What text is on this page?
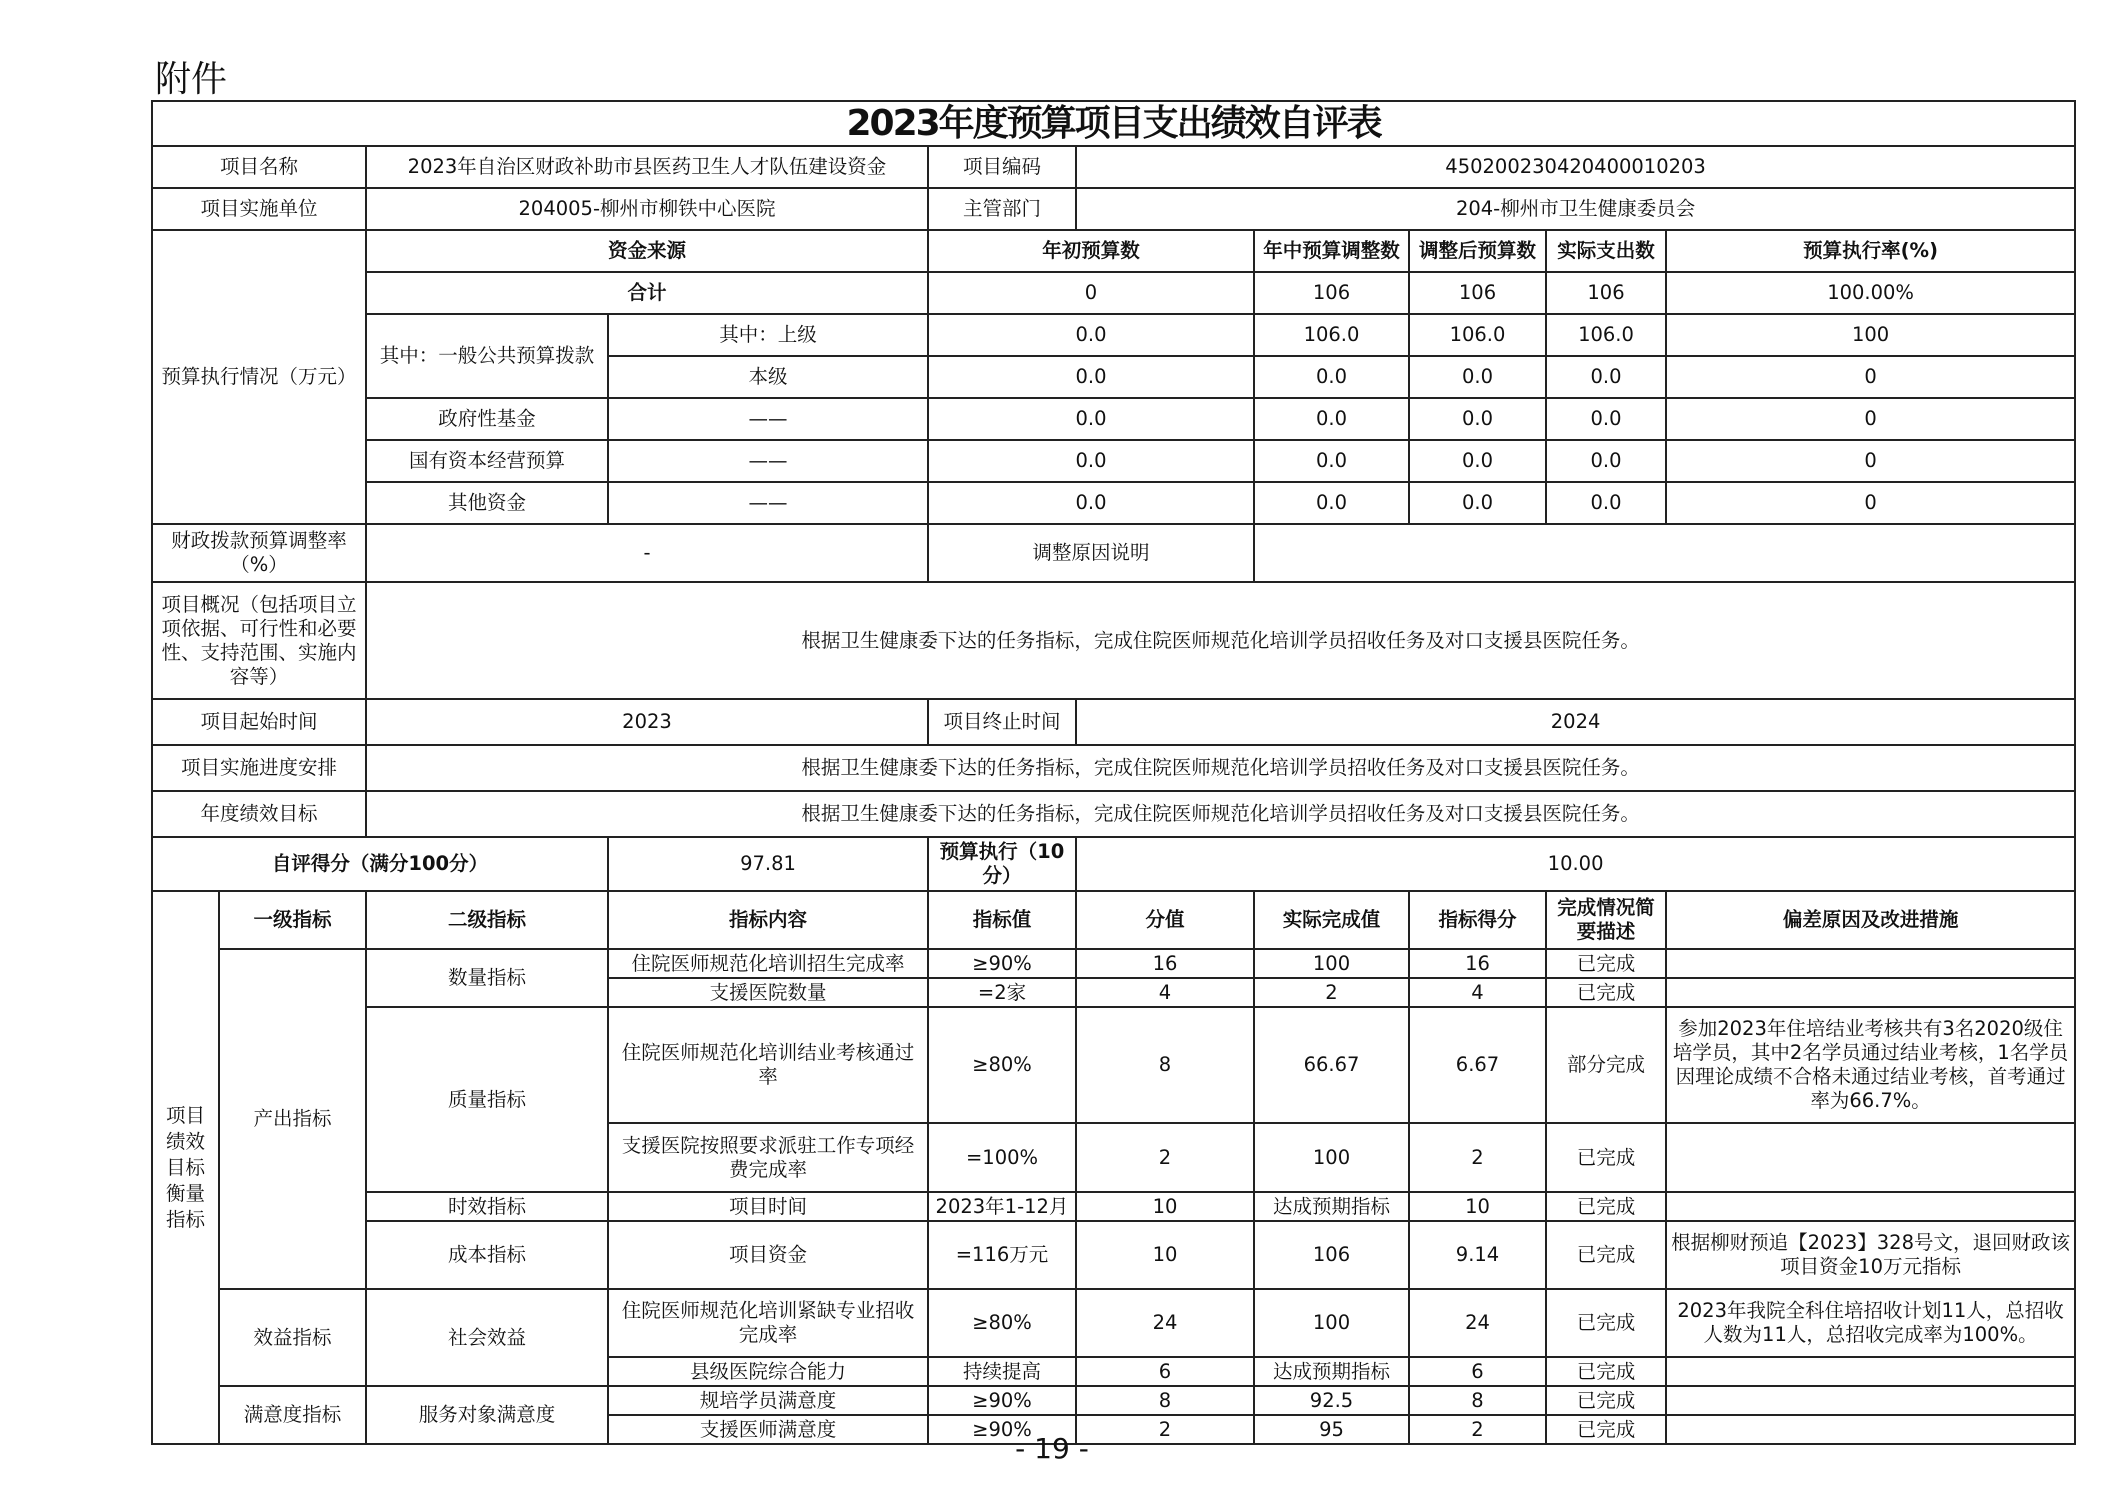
附件
2023年度预算项目支出绩效自评表									
项目名称		2023年自治区财政补助市县医药卫生人才队伍建设资金		项目编码	450200230420400010203				
项目实施单位		204005-柳州市柳铁中心医院		主管部门	204-柳州市卫生健康委员会				
预算执行情况（万元）		资金来源		年初预算数		年中预算调整数	调整后预算数	实际支出数	预算执行率(%)
		合计		0		106	106	106	100.00%
		其中：一般公共预算拨款	其中：上级	0.0		106.0	106.0	106.0	100
			本级	0.0		0.0	0.0	0.0	0
		政府性基金	——	0.0		0.0	0.0	0.0	0
		国有资本经营预算	——	0.0		0.0	0.0	0.0	0
		其他资金	——	0.0		0.0	0.0	0.0	0
财政拨款预算调整率（%）		-		调整原因说明					
项目概况（包括项目立项依据、可行性和必要性、支持范围、实施内容等）		根据卫生健康委下达的任务指标，完成住院医师规范化培训学员招收任务及对口支援县医院任务。							
项目起始时间		2023		项目终止时间	2024				
项目实施进度安排		根据卫生健康委下达的任务指标，完成住院医师规范化培训学员招收任务及对口支援县医院任务。							
年度绩效目标		根据卫生健康委下达的任务指标，完成住院医师规范化培训学员招收任务及对口支援县医院任务。							
自评得分（满分100分）			97.81	预算执行（10分）	10.00				
项目绩效目标衡量指标	一级指标	二级指标	指标内容	指标值	分值	实际完成值	指标得分	完成情况简要描述	偏差原因及改进措施
	产出指标	数量指标	住院医师规范化培训招生完成率	≥90%	16	100	16	已完成	
			支援医院数量	=2家	4	2	4	已完成	
		质量指标	住院医师规范化培训结业考核通过率	≥80%	8	66.67	6.67	部分完成	参加2023年住培结业考核共有3名2020级住培学员，其中2名学员通过结业考核，1名学员因理论成绩不合格未通过结业考核，首考通过率为66.7%。
			支援医院按照要求派驻工作专项经费完成率	=100%	2	100	2	已完成	
		时效指标	项目时间	2023年1-12月	10	达成预期指标	10	已完成	
		成本指标	项目资金	=116万元	10	106	9.14	已完成	根据柳财预追【2023】328号文，退回财政该项目资金10万元指标
	效益指标	社会效益	住院医师规范化培训紧缺专业招收完成率	≥80%	24	100	24	已完成	2023年我院全科住培招收计划11人，总招收人数为11人，总招收完成率为100%。
			县级医院综合能力	持续提高	6	达成预期指标	6	已完成	
	满意度指标	服务对象满意度	规培学员满意度	≥90%	8	92.5	8	已完成	
			支援医师满意度	≥90%	2	95	2	已完成	
- 19 -
